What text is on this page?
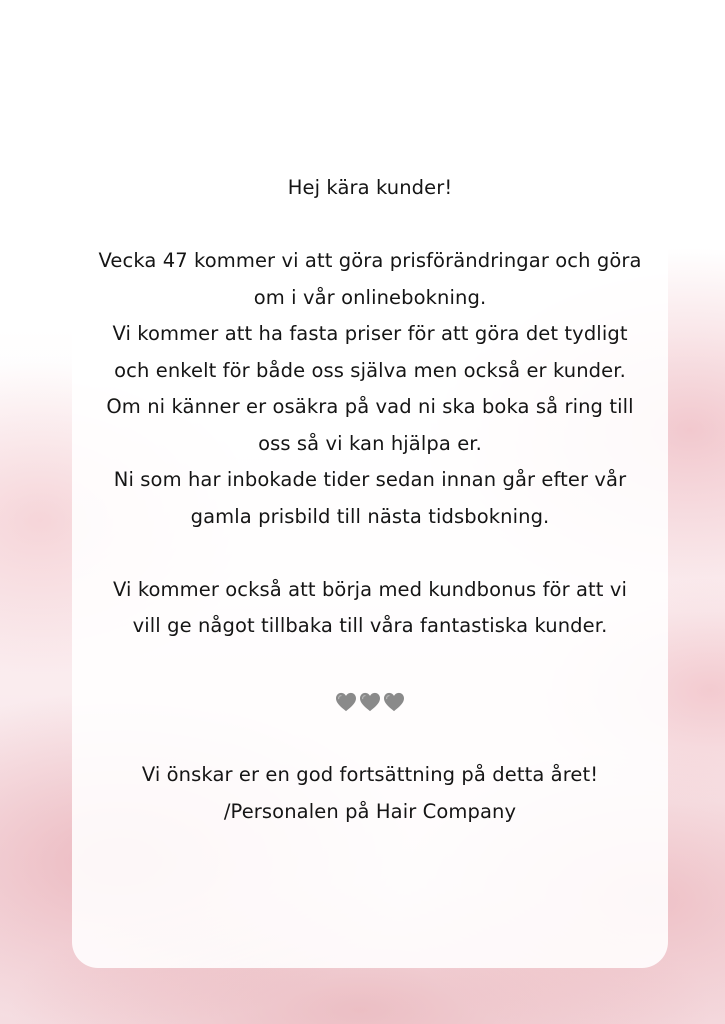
Hej kära kunder!

Vecka 47 kommer vi att göra prisförändringar och göra

om i vår onlinebokning.

Vi kommer att ha fasta priser för att göra det tydligt

och enkelt för både oss själva men också er kunder.

Om ni känner er osäkra på vad ni ska boka så ring till

oss så vi kan hjälpa er.

Ni som har inbokade tider sedan innan går efter vår

gamla prisbild till nästa tidsbokning.

Vi kommer också att börja med kundbonus för att vi

vill ge något tillbaka till våra fantastiska kunder.

Vi önskar er en god fortsättning på detta året!

/Personalen på Hair Company
